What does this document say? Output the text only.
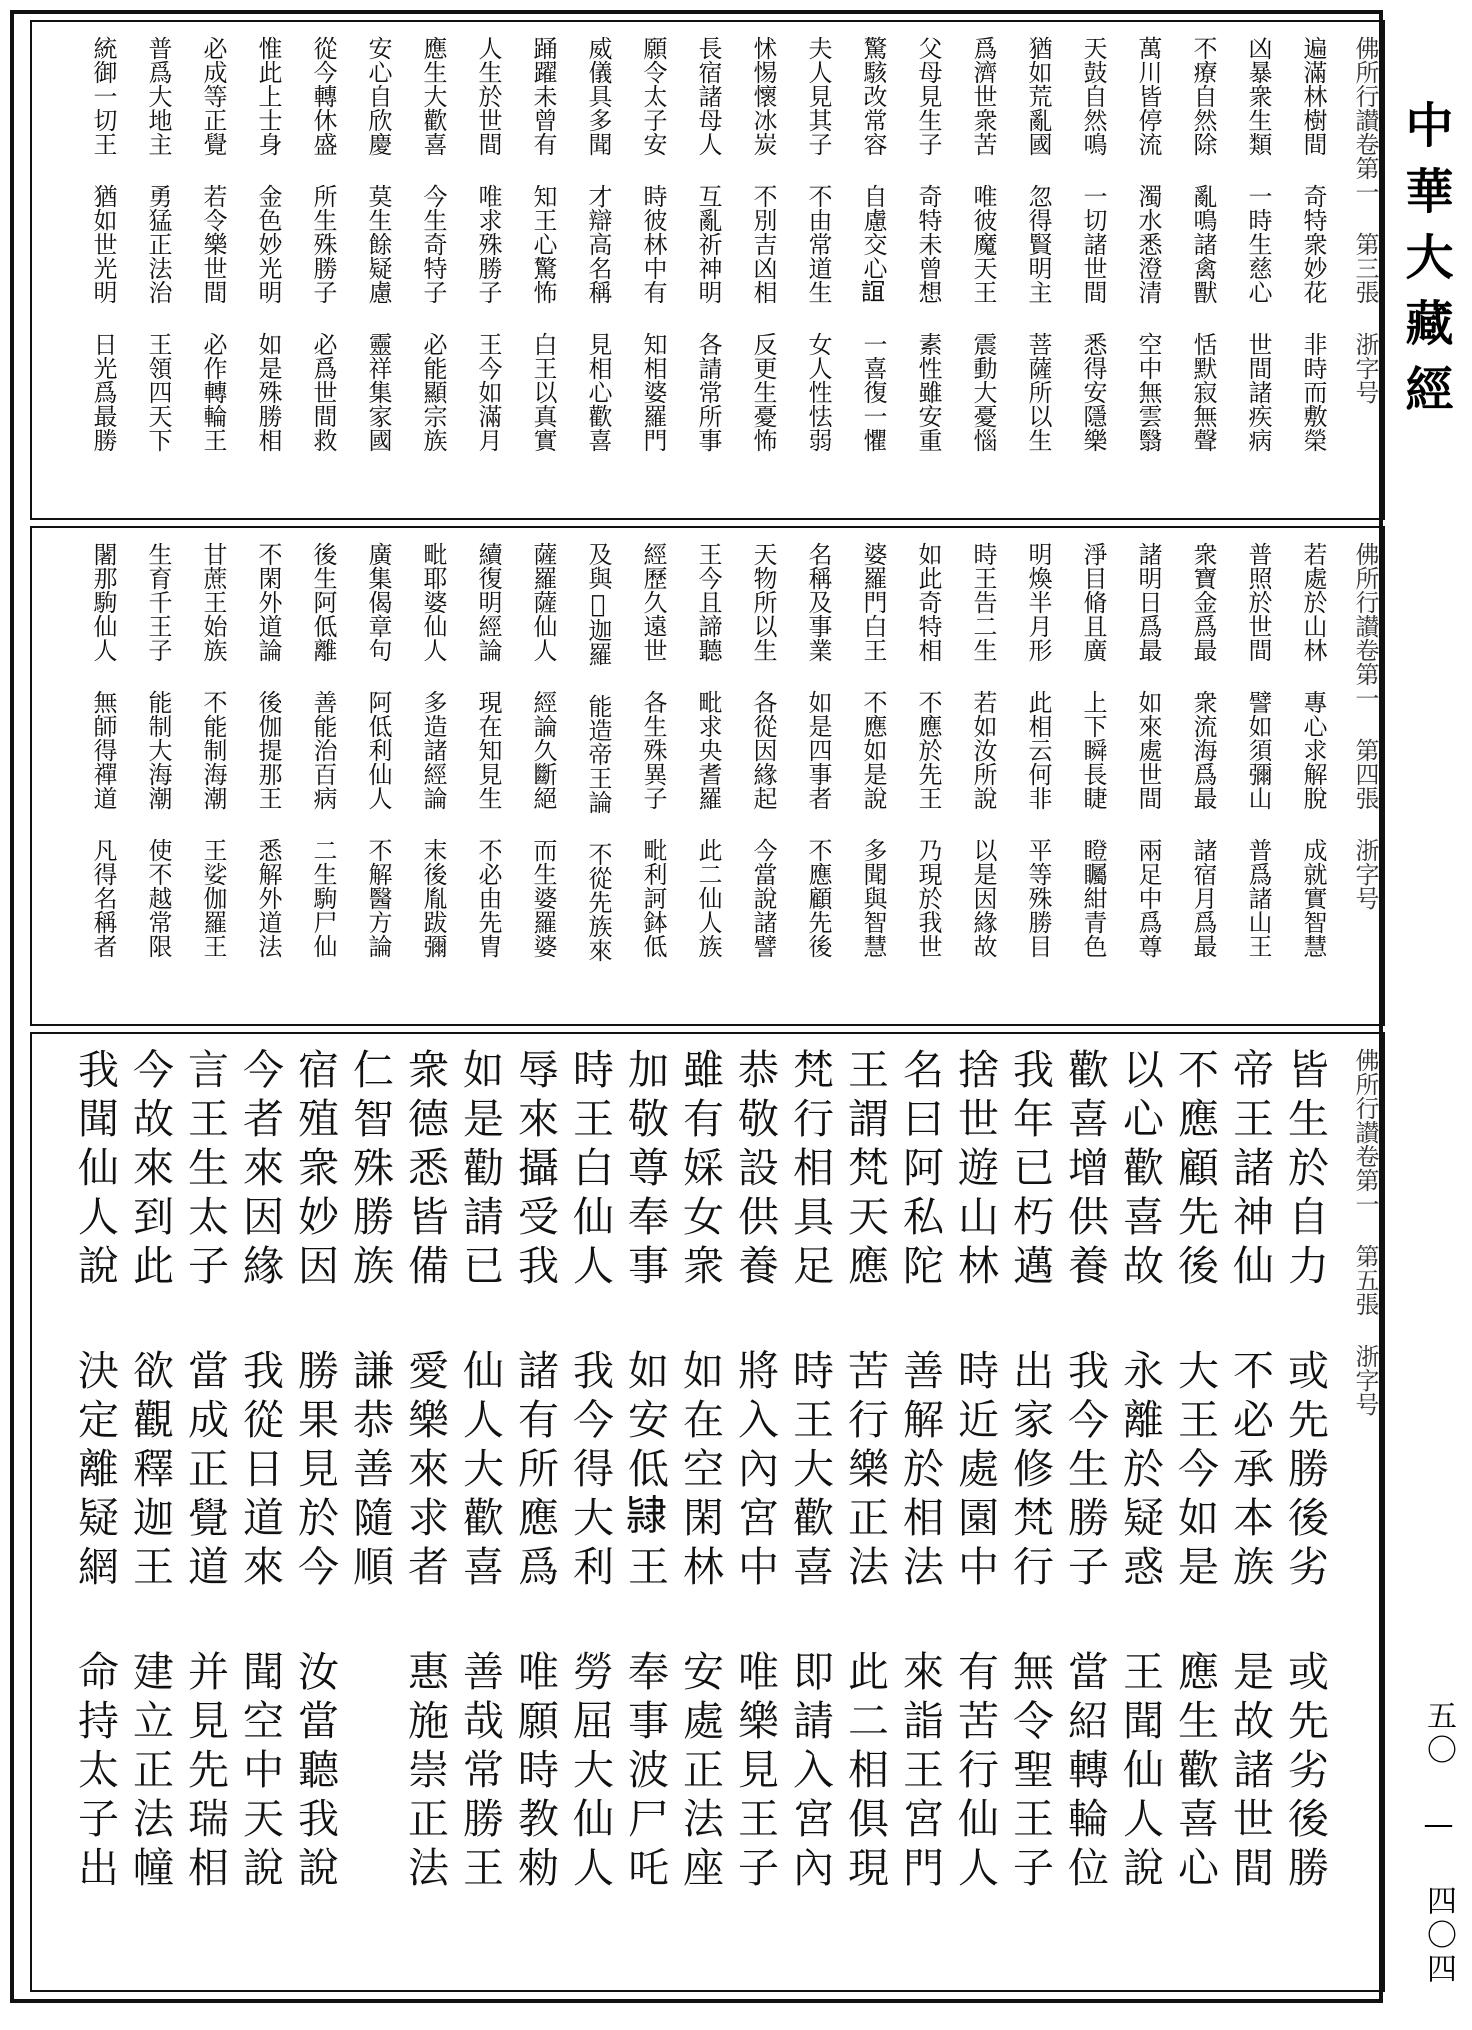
佛所行讃卷第一 第三張 浙字号
遍滿林樹間 奇特衆妙花 非時而敷榮
凶暴衆生類 一時生慈心 世間諸疾病
不療自然除 亂鳴諸禽獸 恬默寂無聲
萬川皆停流 濁水悉澄清 空中無雲翳
天鼓自然鳴 一切諸世間 悉得安隱樂
猶如荒亂國 忽得賢明主 菩薩所以生
爲濟世衆苦 唯彼魔天王 震動大憂惱
父母見生子 奇特未曾想 素性雖安重
驚駭改常容 自慮交心𧨏 一喜復一懼
夫人見其子 不由常道生 女人性怯弱
怵惕懷冰炭 不別吉凶相 反更生憂怖
長宿諸母人 互亂祈神明 各請常所事
願令太子安 時彼林中有 知相婆羅門
威儀具多聞 才辯高名稱 見相心歡喜
踊躍未曾有 知王心驚怖 白王以真實
人生於世間 唯求殊勝子 王今如滿月
應生大歡喜 今生奇特子 必能顯宗族
安心自欣慶 莫生餘疑慮 靈祥集家國
從今轉休盛 所生殊勝子 必爲世間救
惟此上士身 金色妙光明 如是殊勝相
必成等正覺 若令樂世間 必作轉輪王
普爲大地主 勇猛正法治 王領四天下
統御一切王 猶如世光明 日光爲最勝
佛所行讃卷第一 第四張 浙字号
若處於山林 專心求解脫 成就實智慧
普照於世間 譬如須彌山 普爲諸山王
衆寶金爲最 衆流海爲最 諸宿月爲最
諸明日爲最 如來處世間 兩足中爲尊
淨目脩且廣 上下瞬長睫 瞪矚紺青色
明煥半月形 此相云何非 平等殊勝目
時王告二生 若如汝所說 以是因緣故
如此奇特相 不應於先王 乃現於我世
婆羅門白王 不應如是說 多聞與智慧
名稱及事業 如是四事者 不應顧先後
天物所以生 各從因緣起 今當說諸譬
王今且諦聽 毗求央耆羅 此二仙人族
經歷久遠世 各生殊異子 毗利訶鉢低
及與𫐂迦羅 能造帝王論 不從先族來
薩羅薩仙人 經論久斷絕 而生婆羅婆
續復明經論 現在知見生 不必由先胄
毗耶婆仙人 多造諸經論 末後胤跋彌
廣集偈章句 阿低利仙人 不解醫方論
後生阿低離 善能治百病 二生駒尸仙
不閑外道論 後伽提那王 悉解外道法
甘蔗王始族 不能制海潮 王娑伽羅王
生育千王子 能制大海潮 使不越常限
闍那駒仙人 無師得禪道 凡得名稱者
佛所行讃卷第一 第五張 浙字号
皆生於自力 或先勝後劣 或先劣後勝
帝王諸神仙 不必承本族 是故諸世間
不應顧先後 大王今如是 應生歡喜心
以心歡喜故 永離於疑惑 王聞仙人說
歡喜增供養 我今生勝子 當紹轉輪位
我年已朽邁 出家修梵行 無令聖王子
捨世遊山林 時近處園中 有苦行仙人
名曰阿私陀 善解於相法 來詣王宮門
王謂梵天應 苦行樂正法 此二相俱現
梵行相具足 時王大歡喜 即請入宮內
恭敬設供養 將入內宮中 唯樂見王子
雖有婇女衆 如在空閑林 安處正法座
加敬尊奉事 如安低𨽻王 奉事波尸吒
時王白仙人 我今得大利 勞屈大仙人
辱來攝受我 諸有所應爲 唯願時教勑
如是勸請已 仙人大歡喜 善哉常勝王
衆德悉皆備 愛樂來求者 惠施崇正法
仁智殊勝族 謙恭善隨順
宿殖衆妙因 勝果見於今 汝當聽我說
今者來因緣 我從日道來 聞空中天說
言王生太子 當成正覺道 并見先瑞相
今故來到此 欲觀釋迦王 建立正法幢
我聞仙人說 決定離疑網 命持太子出
中華大藏經
五〇 — 四〇四
